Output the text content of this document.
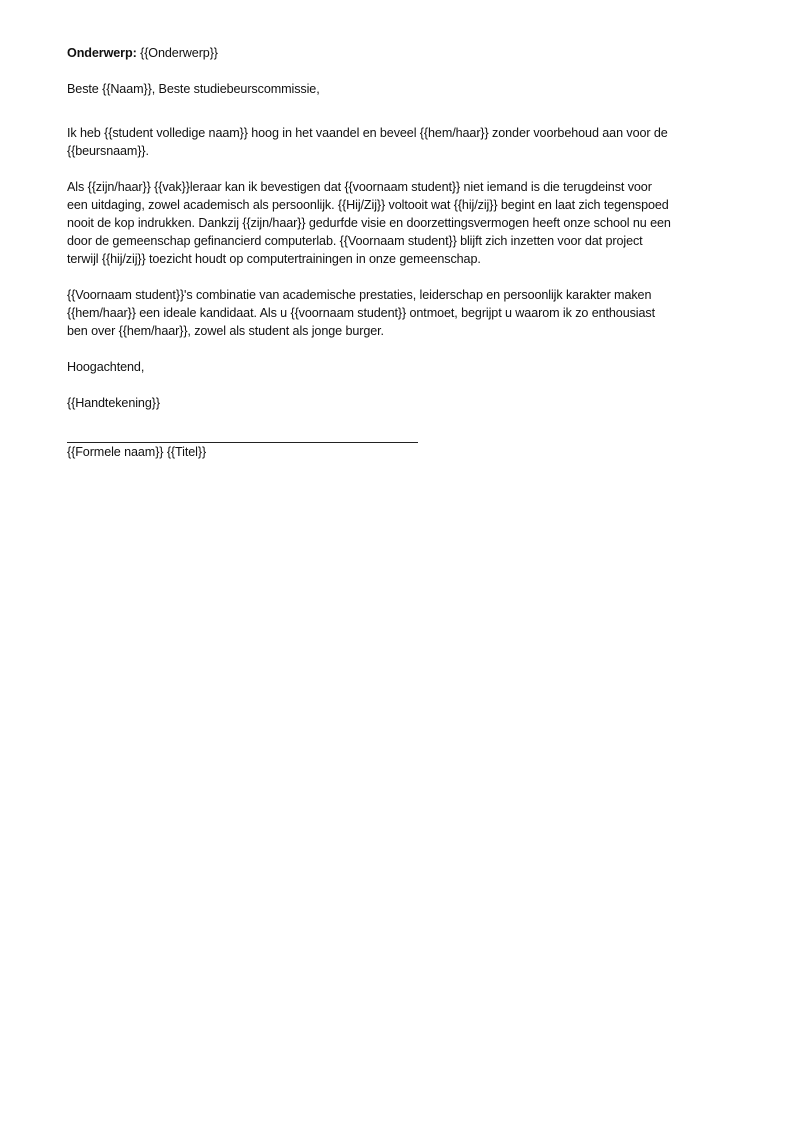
Onderwerp: {{Onderwerp}}

Beste {{Naam}}, Beste studiebeurscommissie,

Ik heb {{student volledige naam}} hoog in het vaandel en beveel {{hem/haar}} zonder voorbehoud aan voor de

{{beursnaam}}.

Als {{zijn/haar}} {{vak}}leraar kan ik bevestigen dat {{voornaam student}} niet iemand is die terugdeinst voor

een uitdaging, zowel academisch als persoonlijk. {{Hij/Zij}} voltooit wat {{hij/zij}} begint en laat zich tegenspoed

nooit de kop indrukken. Dankzij {{zijn/haar}} gedurfde visie en doorzettingsvermogen heeft onze school nu een

door de gemeenschap gefinancierd computerlab. {{Voornaam student}} blijft zich inzetten voor dat project

terwijl {{hij/zij}} toezicht houdt op computertrainingen in onze gemeenschap.

{{Voornaam student}}'s combinatie van academische prestaties, leiderschap en persoonlijk karakter maken

{{hem/haar}} een ideale kandidaat. Als u {{voornaam student}} ontmoet, begrijpt u waarom ik zo enthousiast

ben over {{hem/haar}}, zowel als student als jonge burger.

Hoogachtend,

{{Handtekening}}

{{Formele naam}} {{Titel}}
